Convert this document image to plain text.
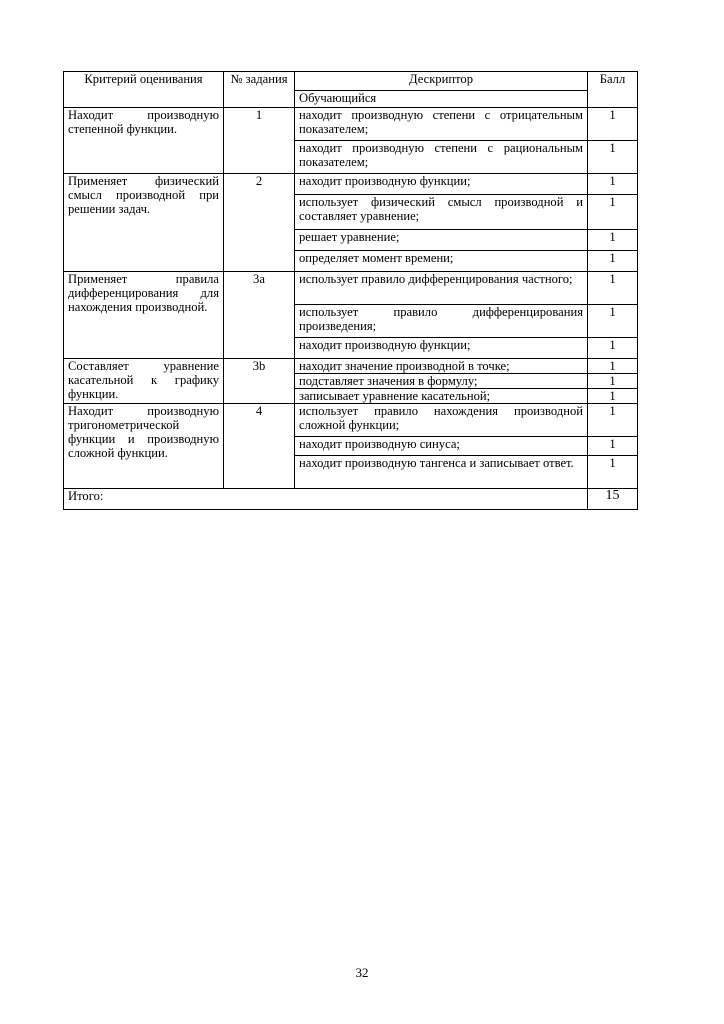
Критерий оценивания	№ задания	Дескриптор	Балл
		Обучающийся	
Находит производную степенной функции.	1	находит производную степени с отрицательным показателем;	1
		находит производную степени с рациональным показателем;	1
Применяет физический смысл производной при решении задач.	2	находит производную функции;	1
		использует физический смысл производной и составляет уравнение;	1
		решает уравнение;	1
		определяет момент времени;	1
Применяет правила дифференцирования для нахождения производной.	3a	использует правило дифференцирования частного;	1
		использует правило дифференцирования произведения;	1
		находит производную функции;	1
Составляет уравнение касательной к графику функции.	3b	находит значение производной в точке;	1
		подставляет значения в формулу;	1
		записывает уравнение касательной;	1
Находит производную тригонометрической функции и производную сложной функции.	4	использует правило нахождения производной сложной функции;	1
		находит производную синуса;	1
		находит производную тангенса и записывает ответ.	1
Итого:			15
32
